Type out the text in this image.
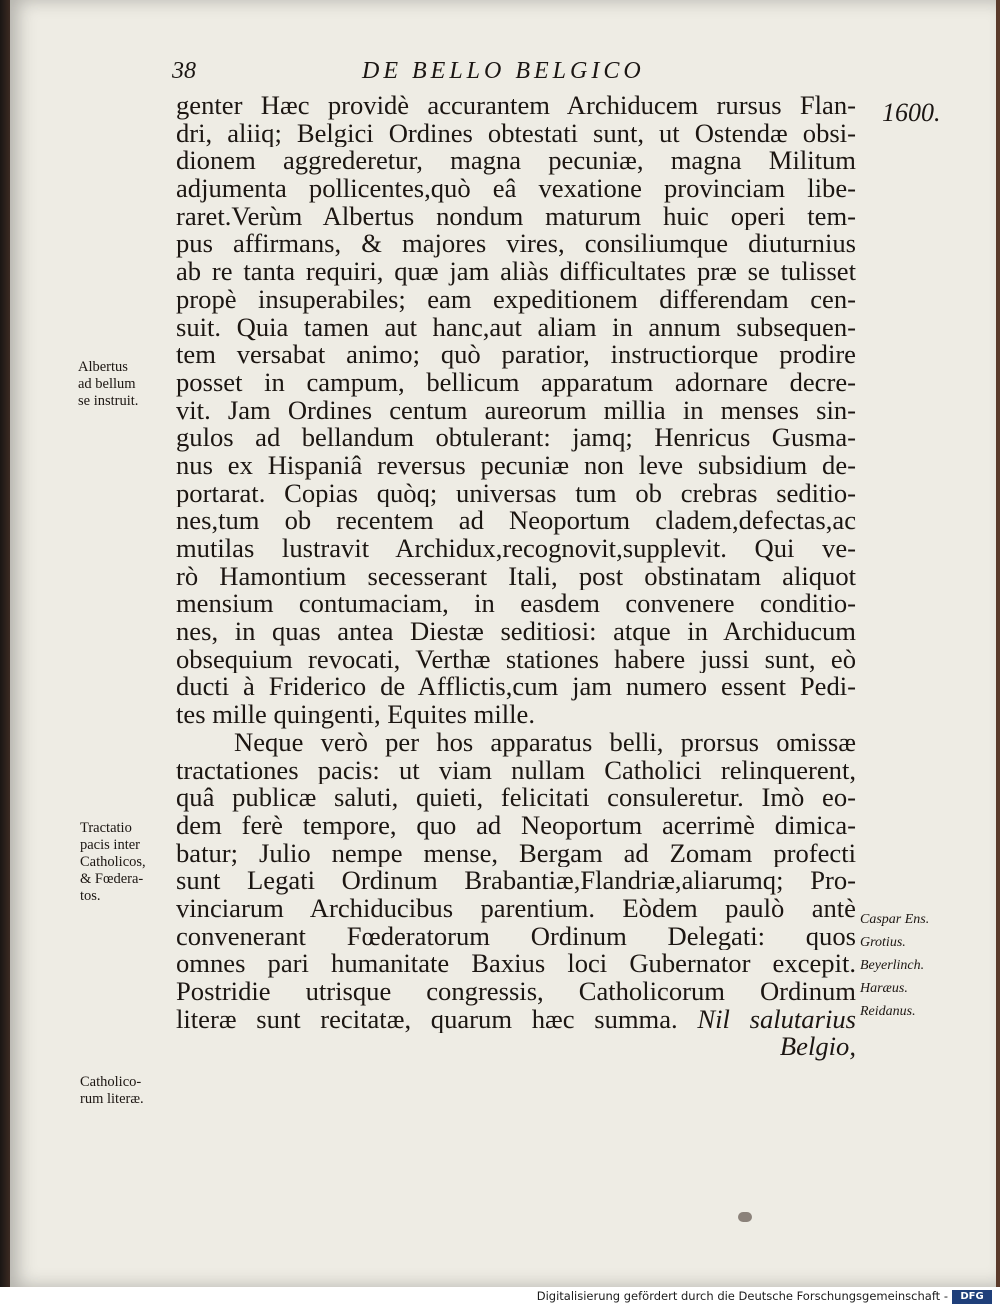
38	DE BELLO BELGICO
1600.
genter Hæc providè accurantem Archiducem rursus Flan-
dri, aliiq; Belgici Ordines obtestati sunt, ut Ostendæ obsi-
dionem aggrederetur, magna pecuniæ, magna Militum
adjumenta pollicentes,quò eâ vexatione provinciam libe-
raret.Verùm Albertus nondum maturum huic operi tem-
pus affirmans, & majores vires, consiliumque diuturnius
ab re tanta requiri, quæ jam aliàs difficultates præ se tulisset
propè insuperabiles; eam expeditionem differendam cen-
suit. Quia tamen aut hanc,aut aliam in annum subsequen-
tem versabat animo; quò paratior, instructiorque prodire
posset in campum, bellicum apparatum adornare decre-
vit. Jam Ordines centum aureorum millia in menses sin-
gulos ad bellandum obtulerant: jamq; Henricus Gusma-
nus ex Hispaniâ reversus pecuniæ non leve subsidium de-
portarat. Copias quòq; universas tum ob crebras seditio-
nes,tum ob recentem ad Neoportum cladem,defectas,ac
mutilas lustravit Archidux,recognovit,supplevit. Qui ve-
rò Hamontium secesserant Itali, post obstinatam aliquot
mensium contumaciam, in easdem convenere conditio-
nes, in quas antea Diestæ seditiosi: atque in Archiducum
obsequium revocati, Verthæ stationes habere jussi sunt, eò
ducti à Friderico de Afflictis,cum jam numero essent Pedi-
tes mille quingenti, Equites mille.
Neque verò per hos apparatus belli, prorsus omissæ
tractationes pacis: ut viam nullam Catholici relinquerent,
quâ publicæ saluti, quieti, felicitati consuleretur. Imò eo-
dem ferè tempore, quo ad Neoportum acerrimè dimica-
batur; Julio nempe mense, Bergam ad Zomam profecti
sunt Legati Ordinum Brabantiæ,Flandriæ,aliarumq; Pro-
vinciarum Archiducibus parentium. Eòdem paulò antè
convenerant Fœderatorum Ordinum Delegati: quos
omnes pari humanitate Baxius loci Gubernator excepit.
Postridie utrisque congressis, Catholicorum Ordinum
literæ sunt recitatæ, quarum hæc summa. Nil salutarius
Belgio,
Albertus
ad bellum
se instruit.
Tractatio
pacis inter
Catholicos,
& Fœdera-
tos.
Catholico-
rum literæ.
Caspar Ens.
Grotius.
Beyerlinch.
Haræus.
Reidanus.
Digitalisierung gefördert durch die Deutsche Forschungsgemeinschaft -	DFG
